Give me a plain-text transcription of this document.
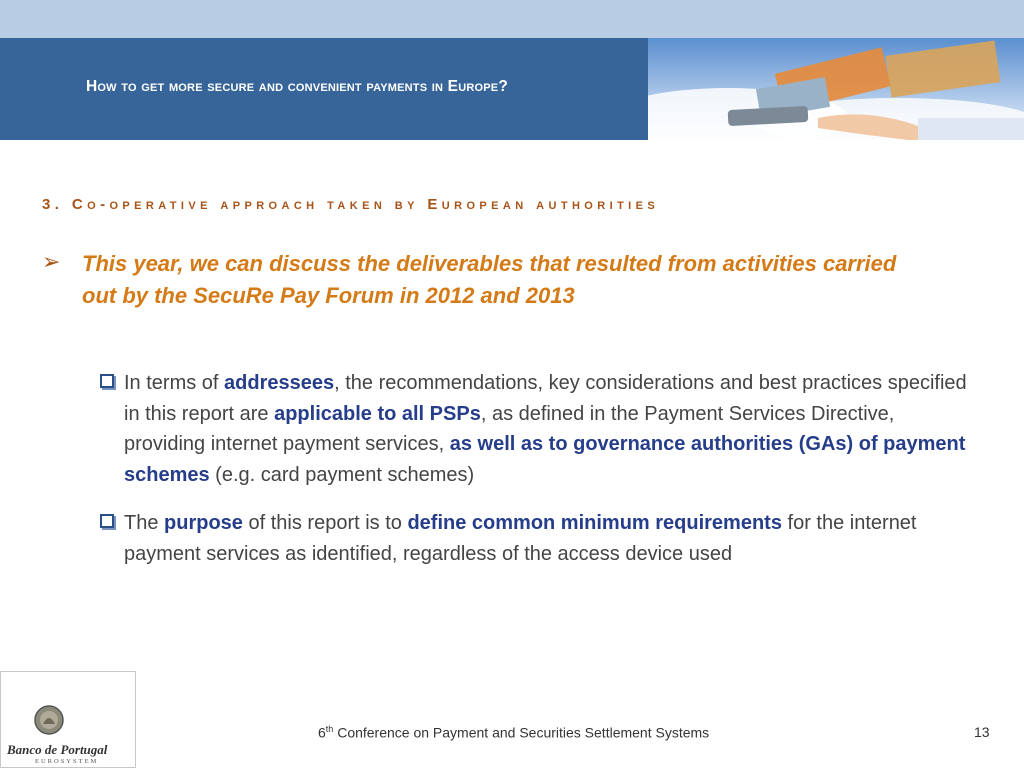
How to get more secure and convenient payments in Europe?
3. Co-operative approach taken by European authorities
➢ This year, we can discuss the deliverables that resulted from activities carried out by the SecuRe Pay Forum in 2012 and 2013
In terms of addressees, the recommendations, key considerations and best practices specified in this report are applicable to all PSPs, as defined in the Payment Services Directive, providing internet payment services, as well as to governance authorities (GAs) of payment schemes (e.g. card payment schemes)
The purpose of this report is to define common minimum requirements for the internet payment services as identified, regardless of the access device used
Banco de Portugal
EUROSYSTEM
6th Conference on Payment and Securities Settlement Systems	13
